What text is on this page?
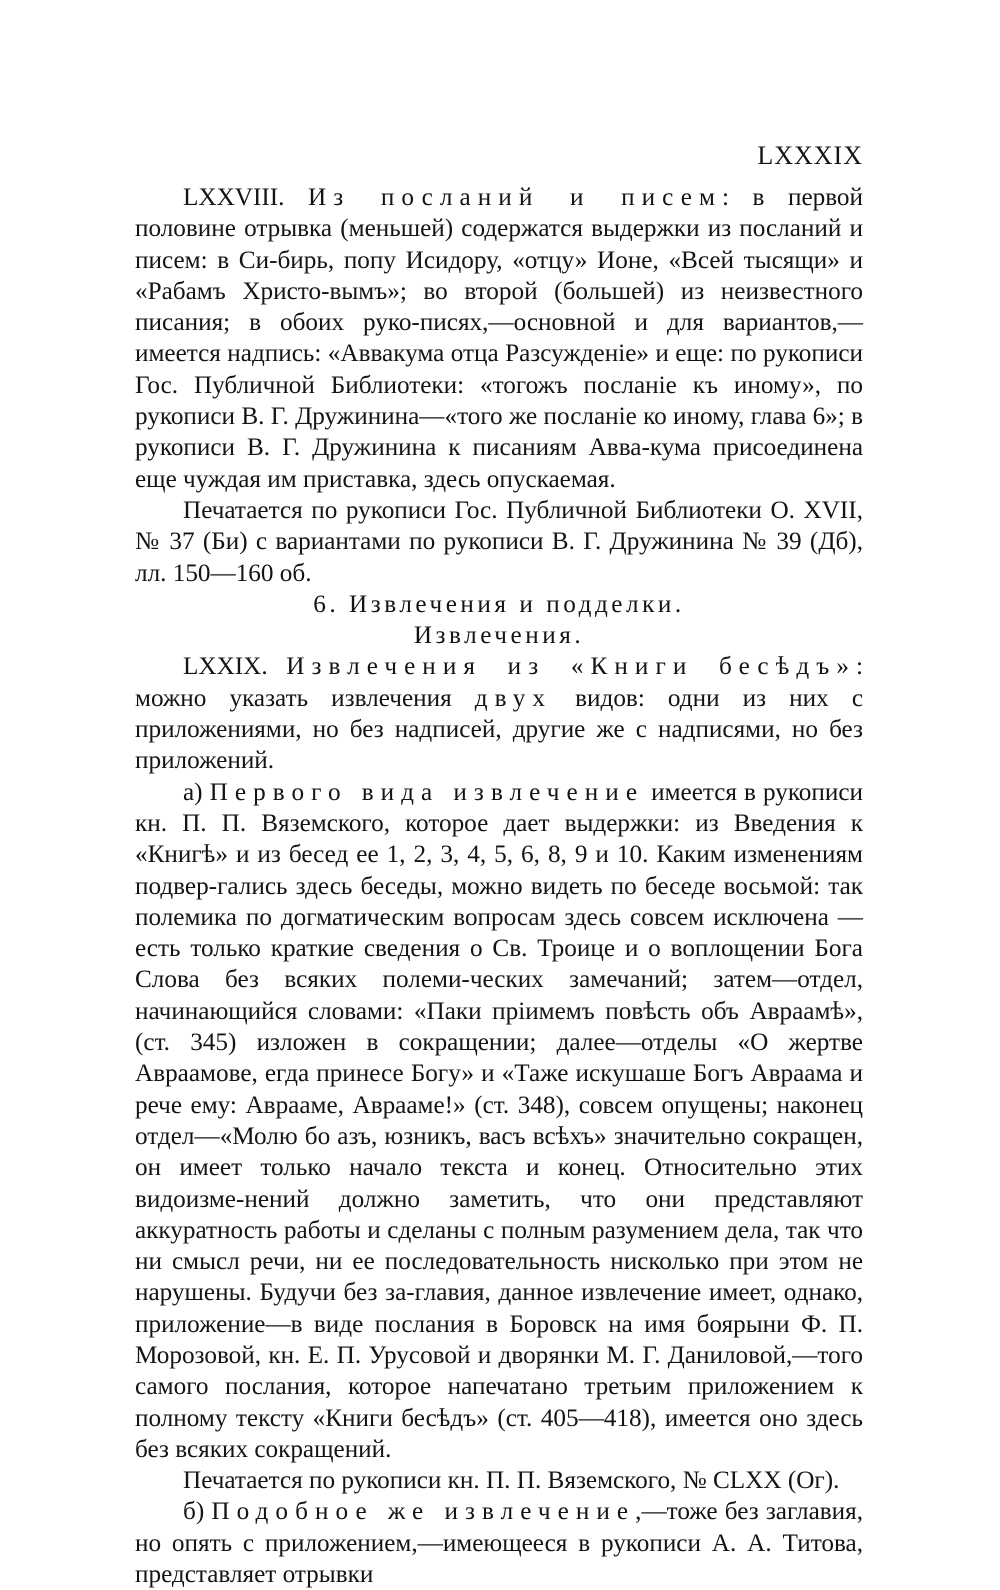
LXXXIX

LXXVIII. Из посланий и писем: в первой половине отрывка (меньшей) содержатся выдержки из посланий и писем: в Си-бирь, попу Исидору, «отцу» Ионе, «Всей тысящи» и «Рабамъ Христо-вымъ»; во второй (большей) из неизвестного писания; в обоих руко-писях,—основной и для вариантов,—имеется надпись: «Аввакума отца Разсужденіе» и еще: по рукописи Гос. Публичной Библиотеки: «тогожъ посланіе къ иному», по рукописи В. Г. Дружинина—«того же посланіе ко иному, глава 6»; в рукописи В. Г. Дружинина к писаниям Авва-кума присоединена еще чуждая им приставка, здесь опускаемая.

Печатается по рукописи Гос. Публичной Библиотеки О. XVII, № 37 (Би) с вариантами по рукописи В. Г. Дружинина № 39 (Дб), лл. 150—160 об.

6. Извлечения и подделки.

Извлечения.

LXXIX. Извлечения из «Книги бесѣдъ»: можно указать извлечения двух видов: одни из них с приложениями, но без надписей, другие же с надписями, но без приложений.

а) Первого вида извлечение имеется в рукописи кн. П. П. Вяземского, которое дает выдержки: из Введения к «Книгѣ» и из бесед ее 1, 2, 3, 4, 5, 6, 8, 9 и 10. Каким изменениям подвер-гались здесь беседы, можно видеть по беседе восьмой: так полемика по догматическим вопросам здесь совсем исключена — есть только краткие сведения о Св. Троице и о воплощении Бога Слова без всяких полеми-ческих замечаний; затем—отдел, начинающийся словами: «Паки пріимемъ повѣсть объ Авраамѣ», (ст. 345) изложен в сокращении; далее—отделы «О жертве Авраамове, егда принесе Богу» и «Таже искушаше Богъ Авраама и рече ему: Аврааме, Аврааме!» (ст. 348), совсем опущены; наконец отдел—«Молю бо азъ, юзникъ, васъ всѣхъ» значительно сокращен, он имеет только начало текста и конец. Относительно этих видоизме-нений должно заметить, что они представляют аккуратность работы и сделаны с полным разумением дела, так что ни смысл речи, ни ее последовательность нисколько при этом не нарушены. Будучи без за-главия, данное извлечение имеет, однако, приложение—в виде послания в Боровск на имя боярыни Ф. П. Морозовой, кн. Е. П. Урусовой и дворянки М. Г. Даниловой,—того самого послания, которое напечатано третьим приложением к полному тексту «Книги бесѣдъ» (ст. 405—418), имеется оно здесь без всяких сокращений.

Печатается по рукописи кн. П. П. Вяземского, № CLXX (Ог).

б) Подобное же извлечение,—тоже без заглавия, но опять с приложением,—имеющееся в рукописи А. А. Титова, представляет отрывки
